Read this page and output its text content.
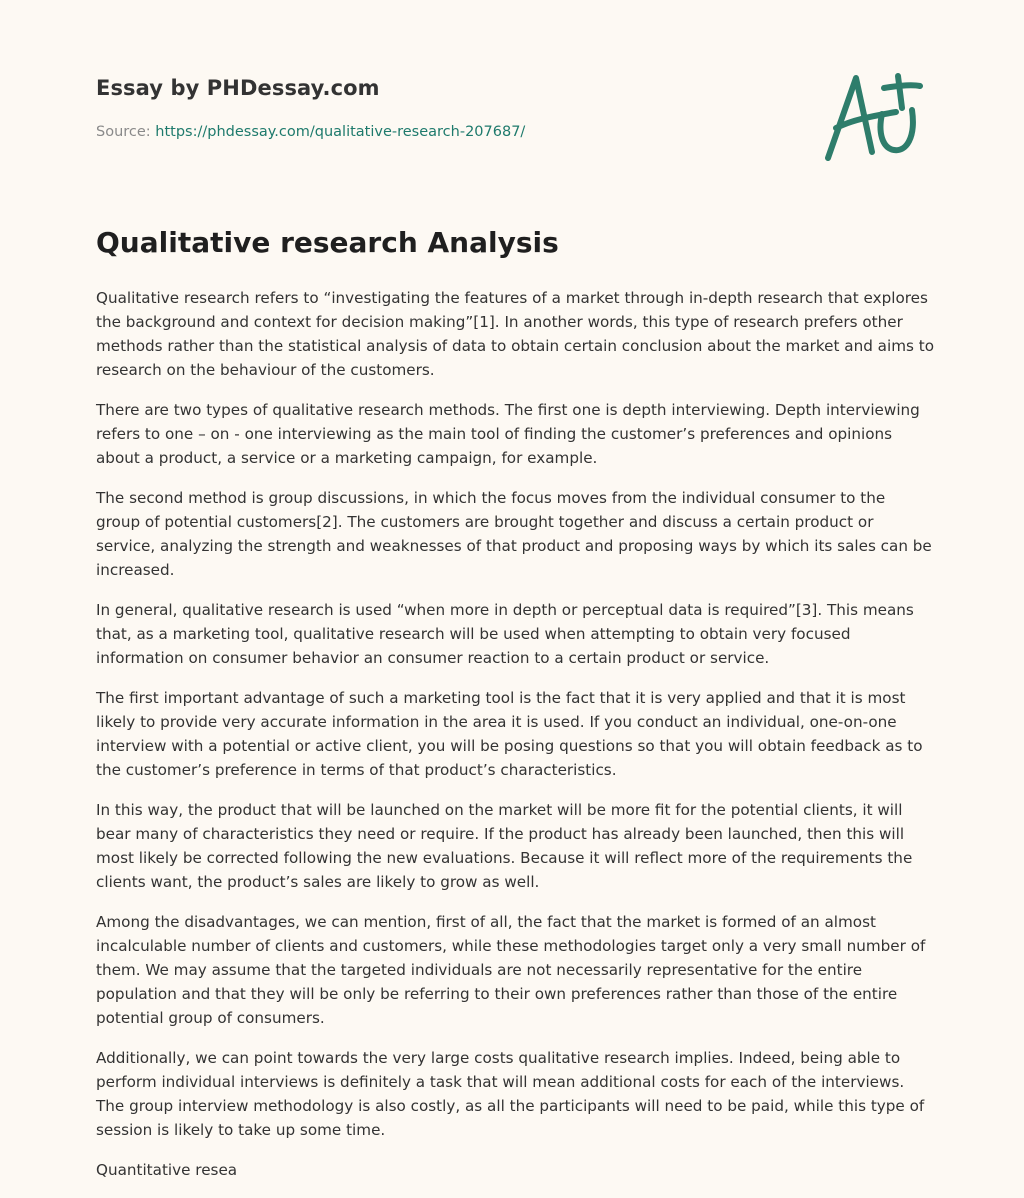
Essay by PHDessay.com
Source: https://phdessay.com/qualitative-research-207687/
Qualitative research Analysis

Qualitative research refers to “investigating the features of a market through in-depth research that explores the background and context for decision making”[1]. In another words, this type of research prefers other methods rather than the statistical analysis of data to obtain certain conclusion about the market and aims to research on the behaviour of the customers.

There are two types of qualitative research methods. The first one is depth interviewing. Depth interviewing refers to one – on - one interviewing as the main tool of finding the customer’s preferences and opinions about a product, a service or a marketing campaign, for example.

The second method is group discussions, in which the focus moves from the individual consumer to the group of potential customers[2]. The customers are brought together and discuss a certain product or service, analyzing the strength and weaknesses of that product and proposing ways by which its sales can be increased.

In general, qualitative research is used “when more in depth or perceptual data is required”[3]. This means that, as a marketing tool, qualitative research will be used when attempting to obtain very focused information on consumer behavior an consumer reaction to a certain product or service.

The first important advantage of such a marketing tool is the fact that it is very applied and that it is most likely to provide very accurate information in the area it is used. If you conduct an individual, one-on-one interview with a potential or active client, you will be posing questions so that you will obtain feedback as to the customer’s preference in terms of that product’s characteristics.

In this way, the product that will be launched on the market will be more fit for the potential clients, it will bear many of characteristics they need or require. If the product has already been launched, then this will most likely be corrected following the new evaluations. Because it will reflect more of the requirements the clients want, the product’s sales are likely to grow as well.

Among the disadvantages, we can mention, first of all, the fact that the market is formed of an almost incalculable number of clients and customers, while these methodologies target only a very small number of them. We may assume that the targeted individuals are not necessarily representative for the entire population and that they will be only be referring to their own preferences rather than those of the entire potential group of consumers.

Additionally, we can point towards the very large costs qualitative research implies. Indeed, being able to perform individual interviews is definitely a task that will mean additional costs for each of the interviews. The group interview methodology is also costly, as all the participants will need to be paid, while this type of session is likely to take up some time.

Quantitative resea
